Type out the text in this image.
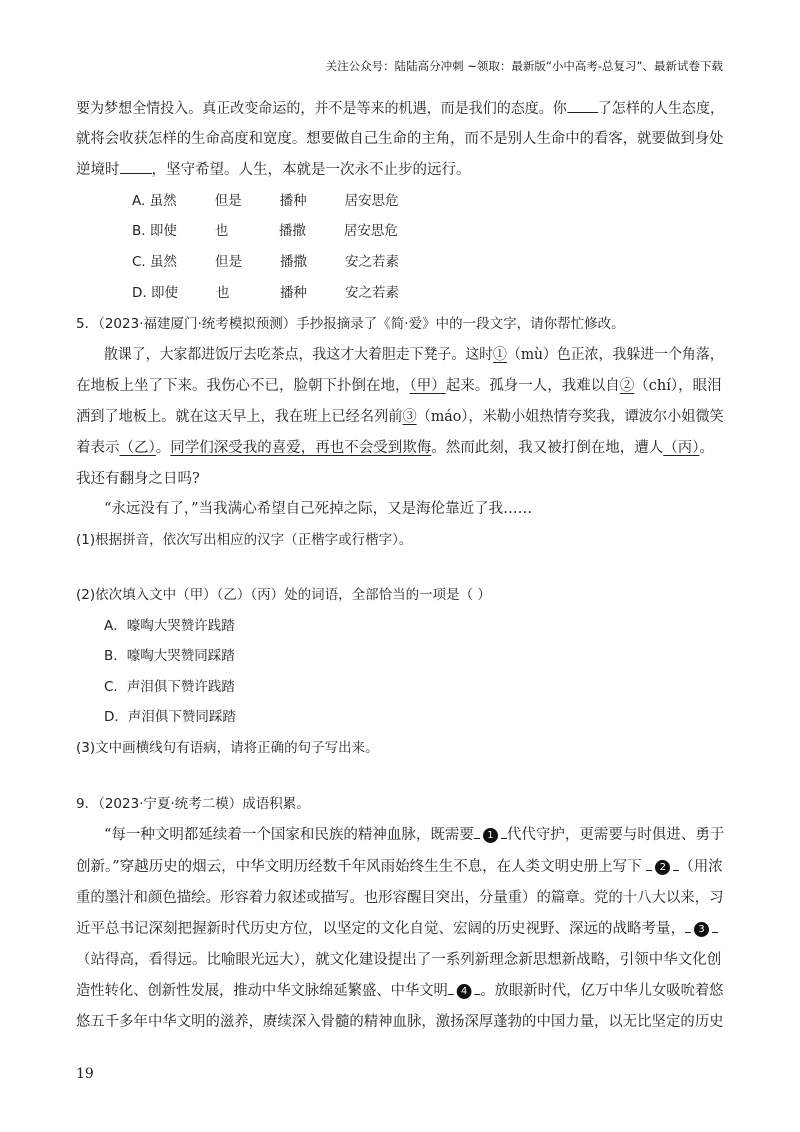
关注公众号：陆陆高分冲刺 ~领取：最新版“小中高考-总复习”、最新试卷下载
要为梦想全情投入。真正改变命运的，并不是等来的机遇，而是我们的态度。你 了怎样的人生态度，
就将会收获怎样的生命高度和宽度。想要做自己生命的主角，而不是别人生命中的看客，就要做到身处
逆境时 ，坚守希望。人生，本就是一次永不止步的远行。
A. 虽然	但是	播种	居安思危
B. 即使	也	播撒	居安思危
C. 虽然	但是	播撒	安之若素
D. 即使	也	播种	安之若素
5．（2023·福建厦门·统考模拟预测）手抄报摘录了《简·爱》中的一段文字，请你帮忙修改。
散课了，大家都进饭厅去吃茶点，我这才大着胆走下凳子。这时①（mù）色正浓，我躲进一个角落，
在地板上坐了下来。我伤心不已，脸朝下扑倒在地，（甲）起来。孤身一人，我难以自②（chí），眼泪
洒到了地板上。就在这天早上，我在班上已经名列前③（máo），米勒小姐热情夸奖我，谭波尔小姐微笑
着表示（乙）。同学们深受我的喜爱，再也不会受到欺侮。然而此刻，我又被打倒在地，遭人（丙）。
我还有翻身之日吗?
“永远没有了，”当我满心希望自己死掉之际，又是海伦靠近了我……
(1)根据拼音，依次写出相应的汉字（正楷字或行楷字）。
(2)依次填入文中（甲）（乙）（丙）处的词语，全部恰当的一项是（ ）
A．嚎啕大哭赞许践踏
B．嚎啕大哭赞同踩踏
C．声泪俱下赞许践踏
D．声泪俱下赞同踩踏
(3)文中画横线句有语病，请将正确的句子写出来。
9．（2023·宁夏·统考二模）成语积累。
“每一种文明都延续着一个国家和民族的精神血脉，既需要 1 代代守护，更需要与时俱进、勇于
创新。”穿越历史的烟云，中华文明历经数千年风雨始终生生不息，在人类文明史册上写下 2 （用浓
重的墨汁和颜色描绘。形容着力叙述或描写。也形容醒目突出，分量重）的篇章。党的十八大以来，习
近平总书记深刻把握新时代历史方位，以坚定的文化自觉、宏阔的历史视野、深远的战略考量， 3
（站得高，看得远。比喻眼光远大），就文化建设提出了一系列新理念新思想新战略，引领中华文化创
造性转化、创新性发展，推动中华文脉绵延繁盛、中华文明 4 。放眼新时代，亿万中华儿女吸吮着悠
悠五千多年中华文明的滋养，赓续深入骨髓的精神血脉，激扬深厚蓬勃的中国力量，以无比坚定的历史
19
